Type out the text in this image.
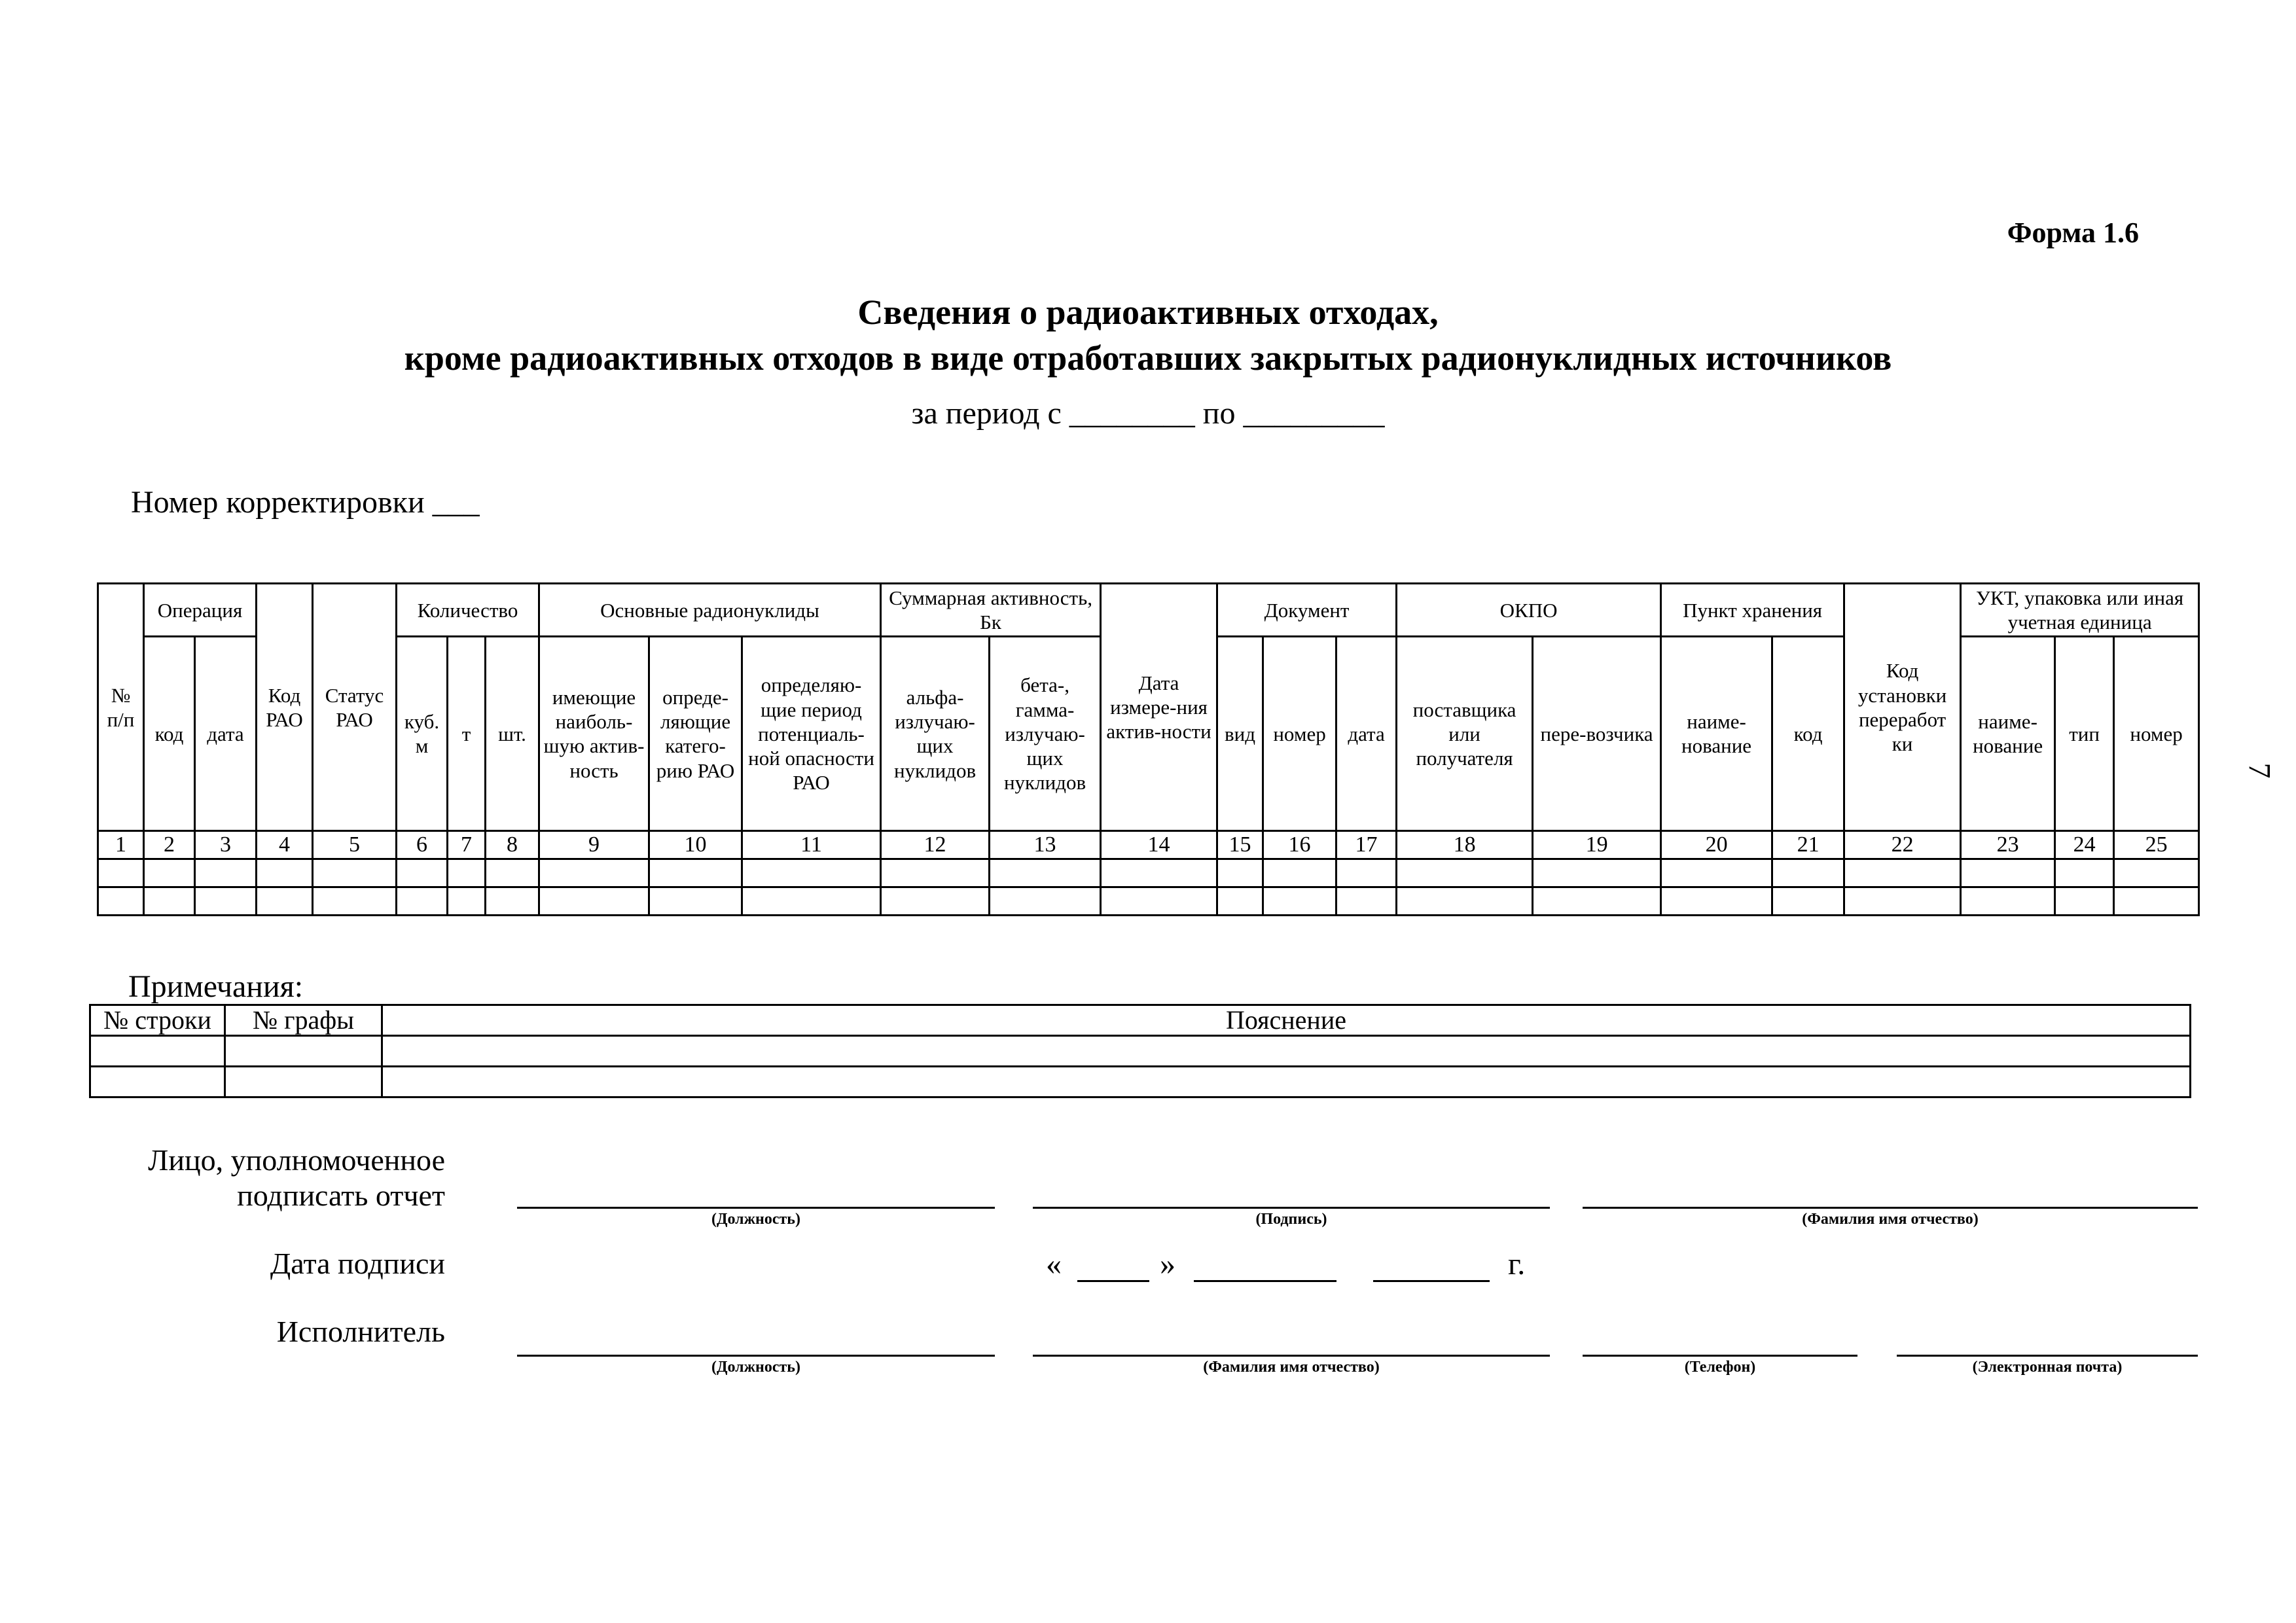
Форма 1.6
Сведения о радиоактивных отходах,
кроме радиоактивных отходов в виде отработавших закрытых радионуклидных источников
за период с ________ по _________
Номер корректировки ___
7
№ п/п	Операция		Код РАО	Статус РАО	Количество			Основные радионуклиды			Суммарная активность, Бк		Дата измере-ния актив-ности	Документ			ОКПО		Пункт хранения		Код установки переработ ки	УКТ, упаковка или иная учетная единица		
	код	дата			куб. м	т	шт.	имеющие наиболь-шую актив-ность	опреде-ляющие катего-рию РАО	определяю-щие период потенциаль-ной опасности РАО	альфа-излучаю-щих нуклидов	бета-, гамма-излучаю-щих нуклидов		вид	номер	дата	поставщика или получателя	пере-возчика	наиме-нование	код		наиме-нование	тип	номер
1	2	3	4	5	6	7	8	9	10	11	12	13	14	15	16	17	18	19	20	21	22	23	24	25

Примечания:
№ строки	№ графы	Пояснение

Лицо, уполномоченное
подписать отчет
(Должность)	(Подпись)	(Фамилия имя отчество)
Дата подписи	«	»	г.
Исполнитель
(Должность)	(Фамилия имя отчество)	(Телефон)	(Электронная почта)
